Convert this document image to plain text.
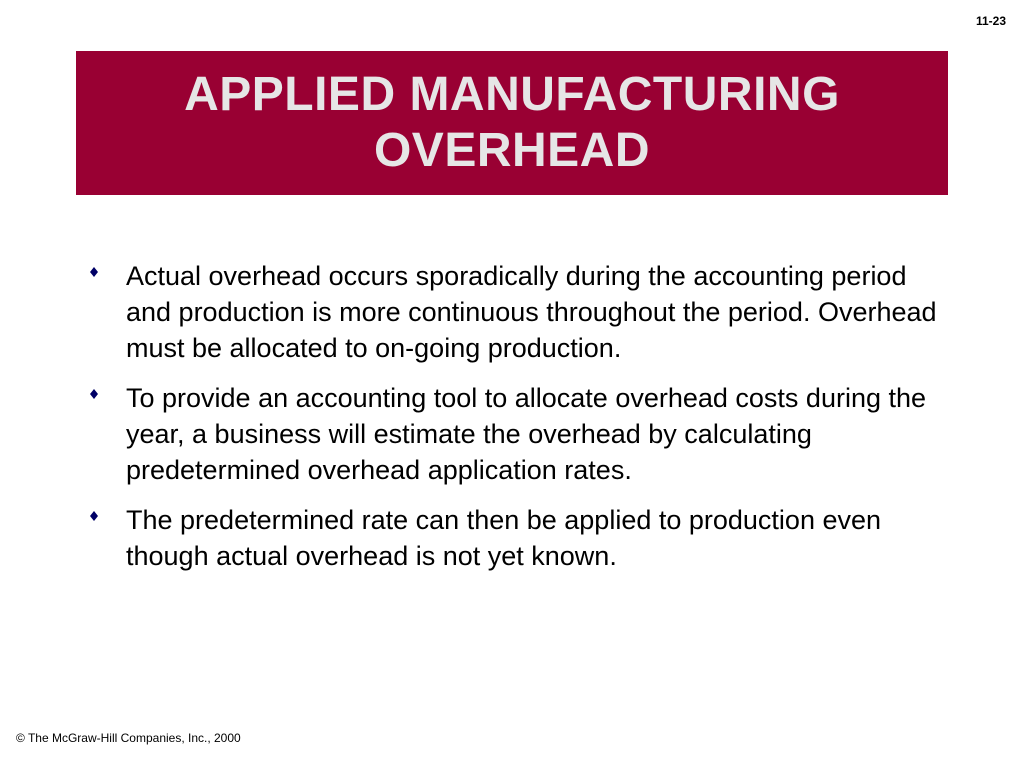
11-23
APPLIED MANUFACTURING
OVERHEAD
Actual overhead occurs sporadically during the accounting period and production is more continuous throughout the period. Overhead must be allocated to on-going production.
To provide an accounting tool to allocate overhead costs during the year, a business will estimate the overhead by calculating predetermined overhead application rates.
The predetermined rate can then be applied to production even though actual overhead is not yet known.
© The McGraw-Hill Companies, Inc., 2000
